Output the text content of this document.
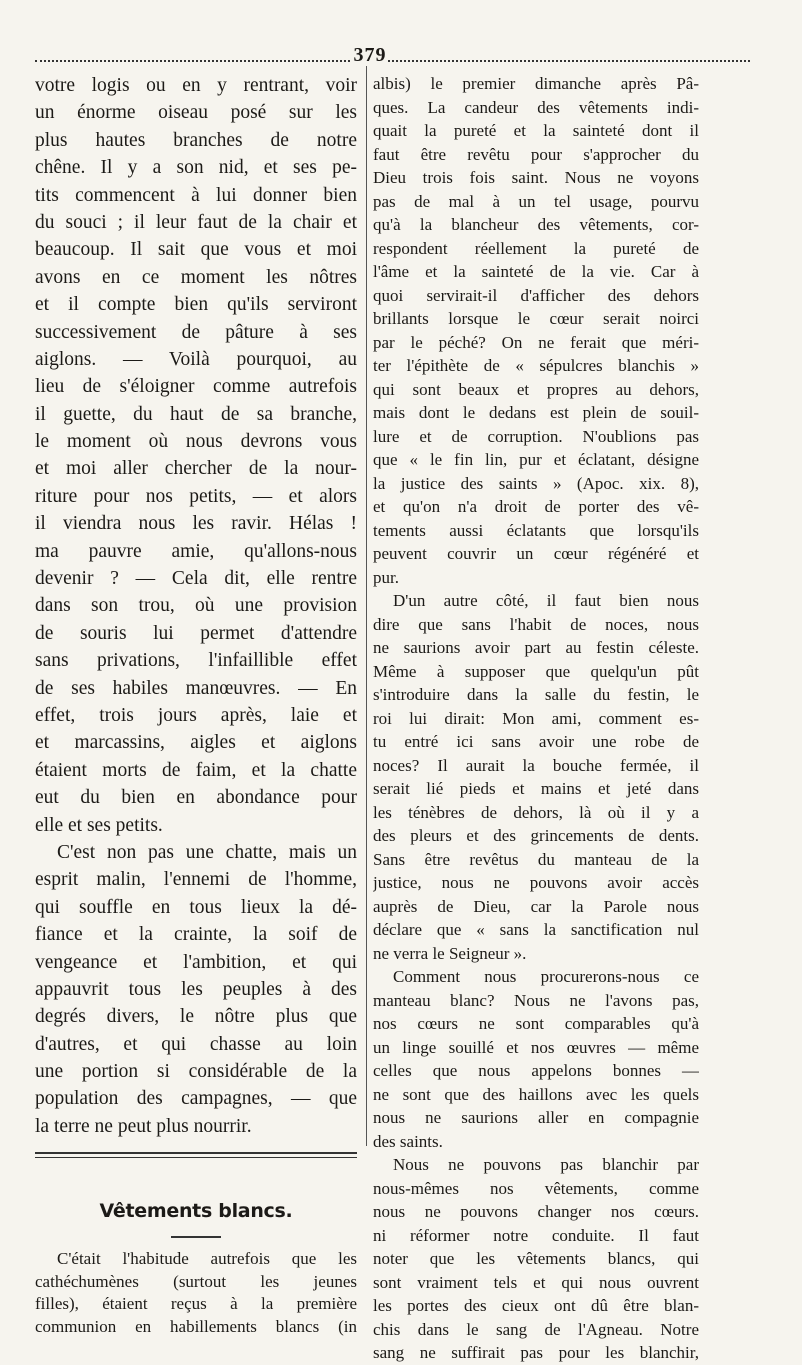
379
votre logis ou en y rentrant, voir
un énorme oiseau posé sur les
plus hautes branches de notre
chêne. Il y a son nid, et ses pe-
tits commencent à lui donner bien
du souci ; il leur faut de la chair et
beaucoup. Il sait que vous et moi
avons en ce moment les nôtres
et il compte bien qu'ils serviront
successivement de pâture à ses
aiglons. — Voilà pourquoi, au
lieu de s'éloigner comme autrefois
il guette, du haut de sa branche,
le moment où nous devrons vous
et moi aller chercher de la nour-
riture pour nos petits, — et alors
il viendra nous les ravir. Hélas !
ma pauvre amie, qu'allons-nous
devenir ? — Cela dit, elle rentre
dans son trou, où une provision
de souris lui permet d'attendre
sans privations, l'infaillible effet
de ses habiles manœuvres. — En
effet, trois jours après, laie et
et marcassins, aigles et aiglons
étaient morts de faim, et la chatte
eut du bien en abondance pour
elle et ses petits.
C'est non pas une chatte, mais un
esprit malin, l'ennemi de l'homme,
qui souffle en tous lieux la dé-
fiance et la crainte, la soif de
vengeance et l'ambition, et qui
appauvrit tous les peuples à des
degrés divers, le nôtre plus que
d'autres, et qui chasse au loin
une portion si considérable de la
population des campagnes, — que
la terre ne peut plus nourrir.
Vêtements blancs.
C'était l'habitude autrefois que les
cathéchumènes (surtout les jeunes
filles), étaient reçus à la première
communion en habillements blancs (in
albis) le premier dimanche après Pâ-
ques. La candeur des vêtements indi-
quait la pureté et la sainteté dont il
faut être revêtu pour s'approcher du
Dieu trois fois saint. Nous ne voyons
pas de mal à un tel usage, pourvu
qu'à la blancheur des vêtements, cor-
respondent réellement la pureté de
l'âme et la sainteté de la vie. Car à
quoi servirait-il d'afficher des dehors
brillants lorsque le cœur serait noirci
par le péché? On ne ferait que méri-
ter l'épithète de « sépulcres blanchis »
qui sont beaux et propres au dehors,
mais dont le dedans est plein de souil-
lure et de corruption. N'oublions pas
que « le fin lin, pur et éclatant, désigne
la justice des saints » (Apoc. xix. 8),
et qu'on n'a droit de porter des vê-
tements aussi éclatants que lorsqu'ils
peuvent couvrir un cœur régénéré et
pur.
D'un autre côté, il faut bien nous
dire que sans l'habit de noces, nous
ne saurions avoir part au festin céleste.
Même à supposer que quelqu'un pût
s'introduire dans la salle du festin, le
roi lui dirait: Mon ami, comment es-
tu entré ici sans avoir une robe de
noces? Il aurait la bouche fermée, il
serait lié pieds et mains et jeté dans
les ténèbres de dehors, là où il y a
des pleurs et des grincements de dents.
Sans être revêtus du manteau de la
justice, nous ne pouvons avoir accès
auprès de Dieu, car la Parole nous
déclare que « sans la sanctification nul
ne verra le Seigneur ».
Comment nous procurerons-nous ce
manteau blanc? Nous ne l'avons pas,
nos cœurs ne sont comparables qu'à
un linge souillé et nos œuvres — même
celles que nous appelons bonnes —
ne sont que des haillons avec les quels
nous ne saurions aller en compagnie
des saints.
Nous ne pouvons pas blanchir par
nous-mêmes nos vêtements, comme
nous ne pouvons changer nos cœurs.
ni réformer notre conduite. Il faut
noter que les vêtements blancs, qui
sont vraiment tels et qui nous ouvrent
les portes des cieux ont dû être blan-
chis dans le sang de l'Agneau. Notre
sang ne suffirait pas pour les blanchir,
